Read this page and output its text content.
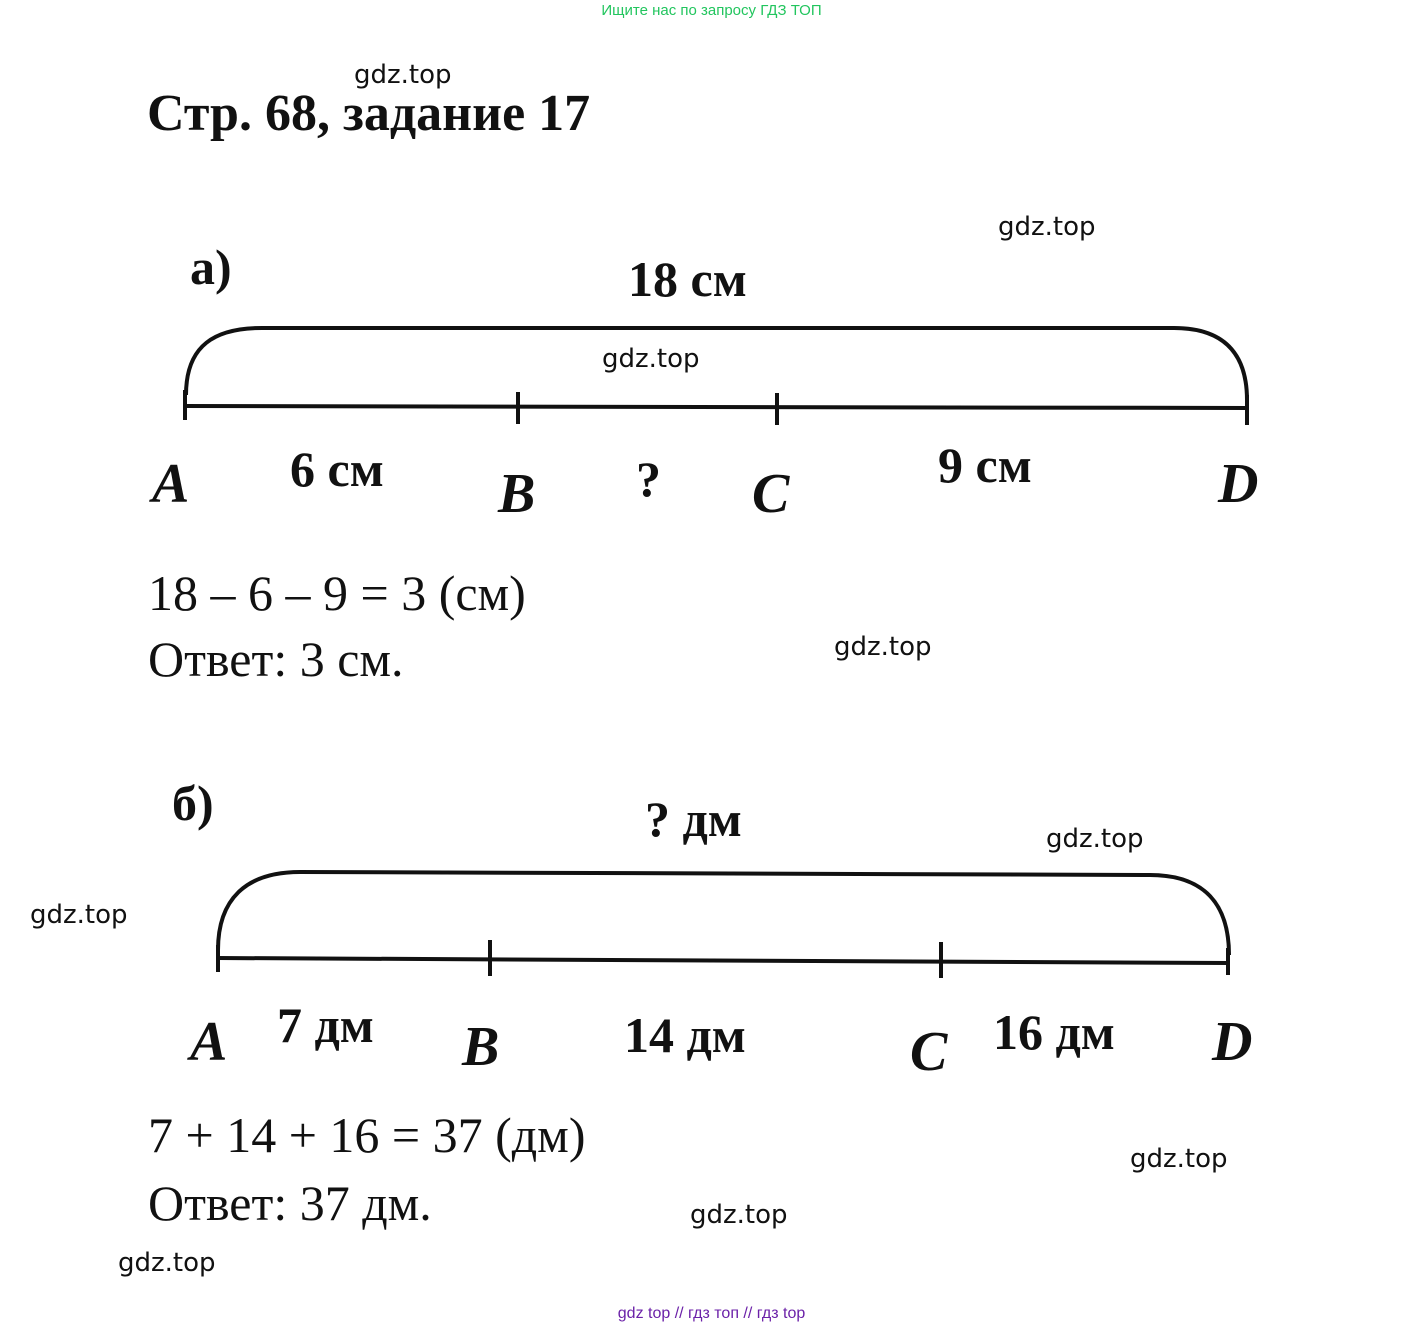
Ищите нас по запросу ГДЗ ТОП
Стр. 68, задание 17
а)	18 см
A	B	C	D
6 см	?	9 см
18 – 6 – 9 = 3 (см)
Ответ: 3 см.
б)	? дм
A	B	C	D
7 дм	14 дм	16 дм
7 + 14 + 16 = 37 (дм)
Ответ: 37 дм.
gdz.top
gdz.top
gdz.top
gdz.top
gdz.top
gdz.top
gdz.top
gdz.top
gdz.top
gdz top // гдз топ // гдз top
